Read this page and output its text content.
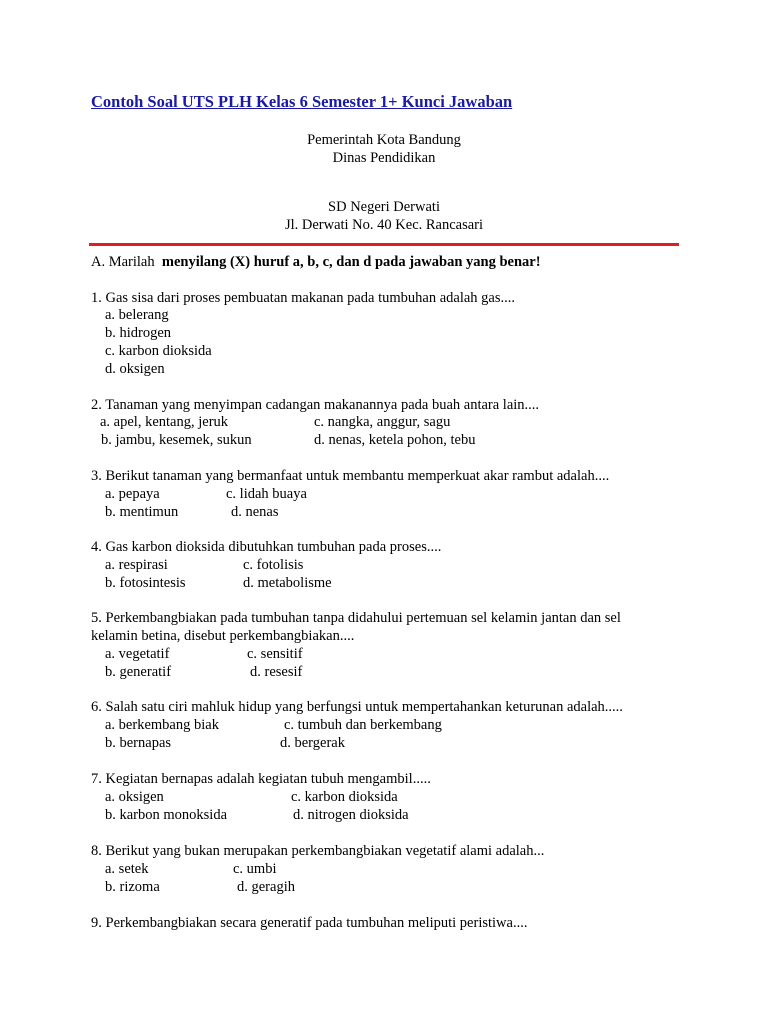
Contoh Soal UTS PLH Kelas 6 Semester 1+ Kunci Jawaban
Pemerintah Kota Bandung
Dinas Pendidikan
SD Negeri Derwati
Jl. Derwati No. 40 Kec. Rancasari
A. Marilah menyilang (X) huruf a, b, c, dan d pada jawaban yang benar!
1. Gas sisa dari proses pembuatan makanan pada tumbuhan adalah gas....
a. belerang
b. hidrogen
c. karbon dioksida
d. oksigen
2. Tanaman yang menyimpan cadangan makanannya pada buah antara lain....
a. apel, kentang, jeruk	c. nangka, anggur, sagu
b. jambu, kesemek, sukun	d. nenas, ketela pohon, tebu
3. Berikut tanaman yang bermanfaat untuk membantu memperkuat akar rambut adalah....
a. pepaya	c. lidah buaya
b. mentimun	d. nenas
4. Gas karbon dioksida dibutuhkan tumbuhan pada proses....
a. respirasi	c. fotolisis
b. fotosintesis	d. metabolisme
5. Perkembangbiakan pada tumbuhan tanpa didahului pertemuan sel kelamin jantan dan sel
kelamin betina, disebut perkembangbiakan....
a. vegetatif	c. sensitif
b. generatif	d. resesif
6. Salah satu ciri mahluk hidup yang berfungsi untuk mempertahankan keturunan adalah.....
a. berkembang biak	c. tumbuh dan berkembang
b. bernapas	d. bergerak
7. Kegiatan bernapas adalah kegiatan tubuh mengambil.....
a. oksigen	c. karbon dioksida
b. karbon monoksida	d. nitrogen dioksida
8. Berikut yang bukan merupakan perkembangbiakan vegetatif alami adalah...
a. setek	c. umbi
b. rizoma	d. geragih
9. Perkembangbiakan secara generatif pada tumbuhan meliputi peristiwa....
